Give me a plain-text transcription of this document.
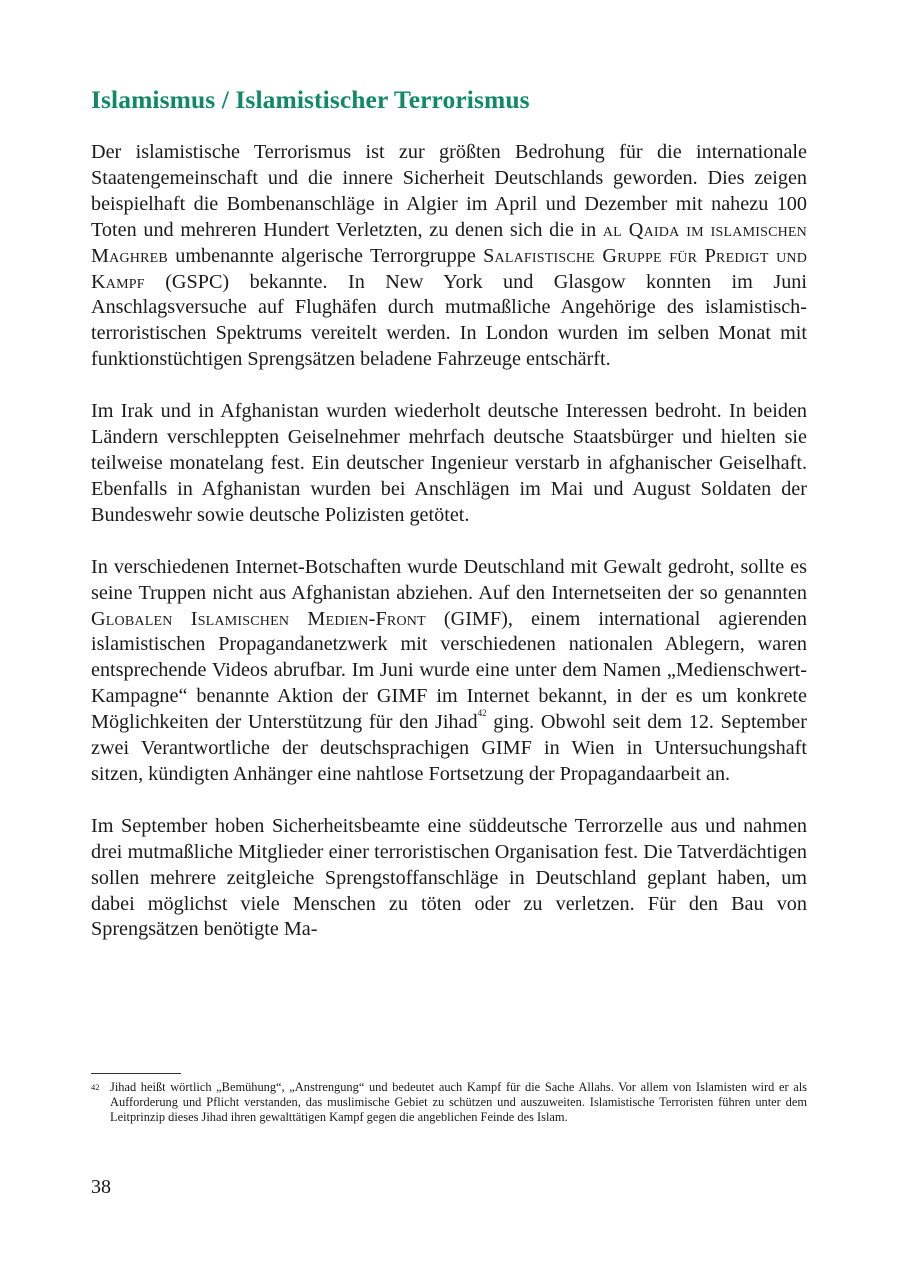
Islamismus / Islamistischer Terrorismus

Der islamistische Terrorismus ist zur größten Bedrohung für die internationale Staatengemeinschaft und die innere Sicherheit Deutschlands geworden. Dies zeigen beispielhaft die Bombenanschläge in Algier im April und Dezember mit nahezu 100 Toten und mehreren Hundert Verletzten, zu denen sich die in al Qaida im islamischen Maghreb umbenannte algerische Terrorgruppe Salafistische Gruppe für Predigt und Kampf (GSPC) bekannte. In New York und Glasgow konnten im Juni Anschlagsversuche auf Flughäfen durch mutmaßliche Angehörige des islamistisch-terroristischen Spektrums vereitelt werden. In London wurden im selben Monat mit funktionstüchtigen Sprengsätzen beladene Fahrzeuge entschärft.

Im Irak und in Afghanistan wurden wiederholt deutsche Interessen bedroht. In beiden Ländern verschleppten Geiselnehmer mehrfach deutsche Staatsbürger und hielten sie teilweise monatelang fest. Ein deutscher Ingenieur verstarb in afghanischer Geiselhaft. Ebenfalls in Afghanistan wurden bei Anschlägen im Mai und August Soldaten der Bundeswehr sowie deutsche Polizisten getötet.

In verschiedenen Internet-Botschaften wurde Deutschland mit Gewalt gedroht, sollte es seine Truppen nicht aus Afghanistan abziehen. Auf den Internetseiten der so genannten Globalen Islamischen Medien-Front (GIMF), einem international agierenden islamistischen Propagandanetzwerk mit verschiedenen nationalen Ablegern, waren entsprechende Videos abrufbar. Im Juni wurde eine unter dem Namen „Medienschwert-Kampagne“ benannte Aktion der GIMF im Internet bekannt, in der es um konkrete Möglichkeiten der Unterstützung für den Jihad$^{42}$ ging. Obwohl seit dem 12. September zwei Verantwortliche der deutschsprachigen GIMF in Wien in Untersuchungshaft sitzen, kündigten Anhänger eine nahtlose Fortsetzung der Propagandaarbeit an.

Im September hoben Sicherheitsbeamte eine süddeutsche Terrorzelle aus und nahmen drei mutmaßliche Mitglieder einer terroristischen Organisation fest. Die Tatverdächtigen sollen mehrere zeitgleiche Sprengstoffanschläge in Deutschland geplant haben, um dabei möglichst viele Menschen zu töten oder zu verletzen. Für den Bau von Sprengsätzen benötigte Ma-

42 Jihad heißt wörtlich „Bemühung“, „Anstrengung“ und bedeutet auch Kampf für die Sache Allahs. Vor allem von Islamisten wird er als Aufforderung und Pflicht verstanden, das muslimische Gebiet zu schützen und auszuweiten. Islamistische Terroristen führen unter dem Leitprinzip dieses Jihad ihren gewalttätigen Kampf gegen die angeblichen Feinde des Islam.
38
